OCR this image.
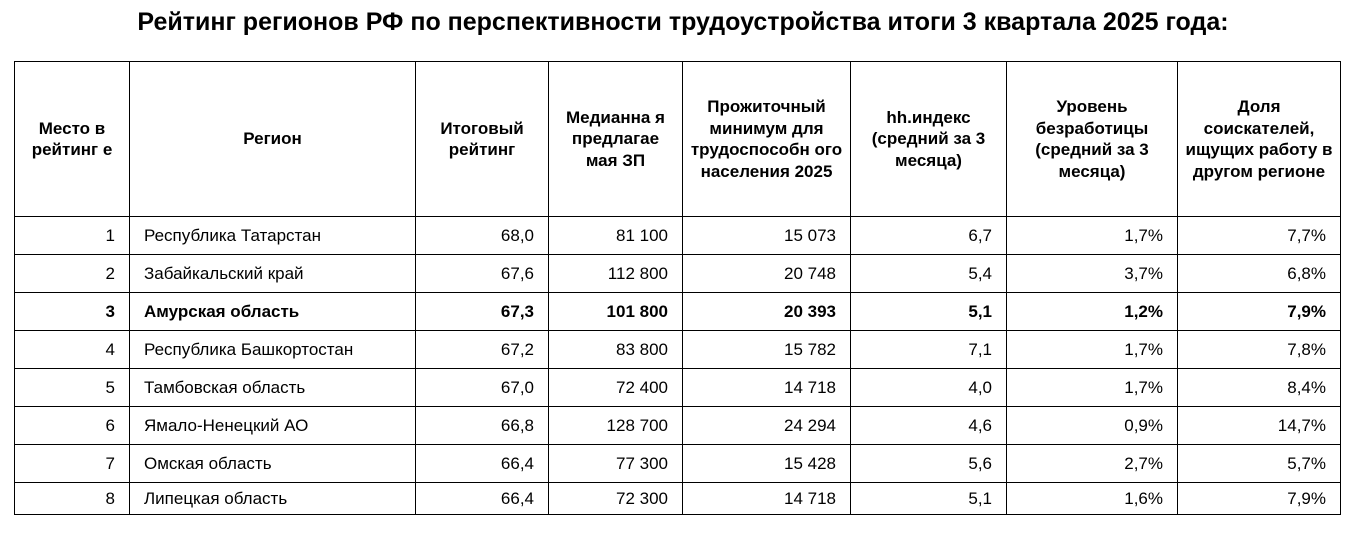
Рейтинг регионов РФ по перспективности трудоустройства итоги 3 квартала 2025 года:
Место в рейтинг е	Регион	Итоговый рейтинг	Медианна я предлагае мая ЗП	Прожиточный минимум для трудоспособн ого населения 2025	hh.индекс (средний за 3 месяца)	Уровень безработицы (средний за 3 месяца)	Доля соискателей, ищущих работу в другом регионе
1	Республика Татарстан	68,0	81 100	15 073	6,7	1,7%	7,7%
2	Забайкальский край	67,6	112 800	20 748	5,4	3,7%	6,8%
3	Амурская область	67,3	101 800	20 393	5,1	1,2%	7,9%
4	Республика Башкортостан	67,2	83 800	15 782	7,1	1,7%	7,8%
5	Тамбовская область	67,0	72 400	14 718	4,0	1,7%	8,4%
6	Ямало-Ненецкий АО	66,8	128 700	24 294	4,6	0,9%	14,7%
7	Омская область	66,4	77 300	15 428	5,6	2,7%	5,7%
8	Липецкая область	66,4	72 300	14 718	5,1	1,6%	7,9%
